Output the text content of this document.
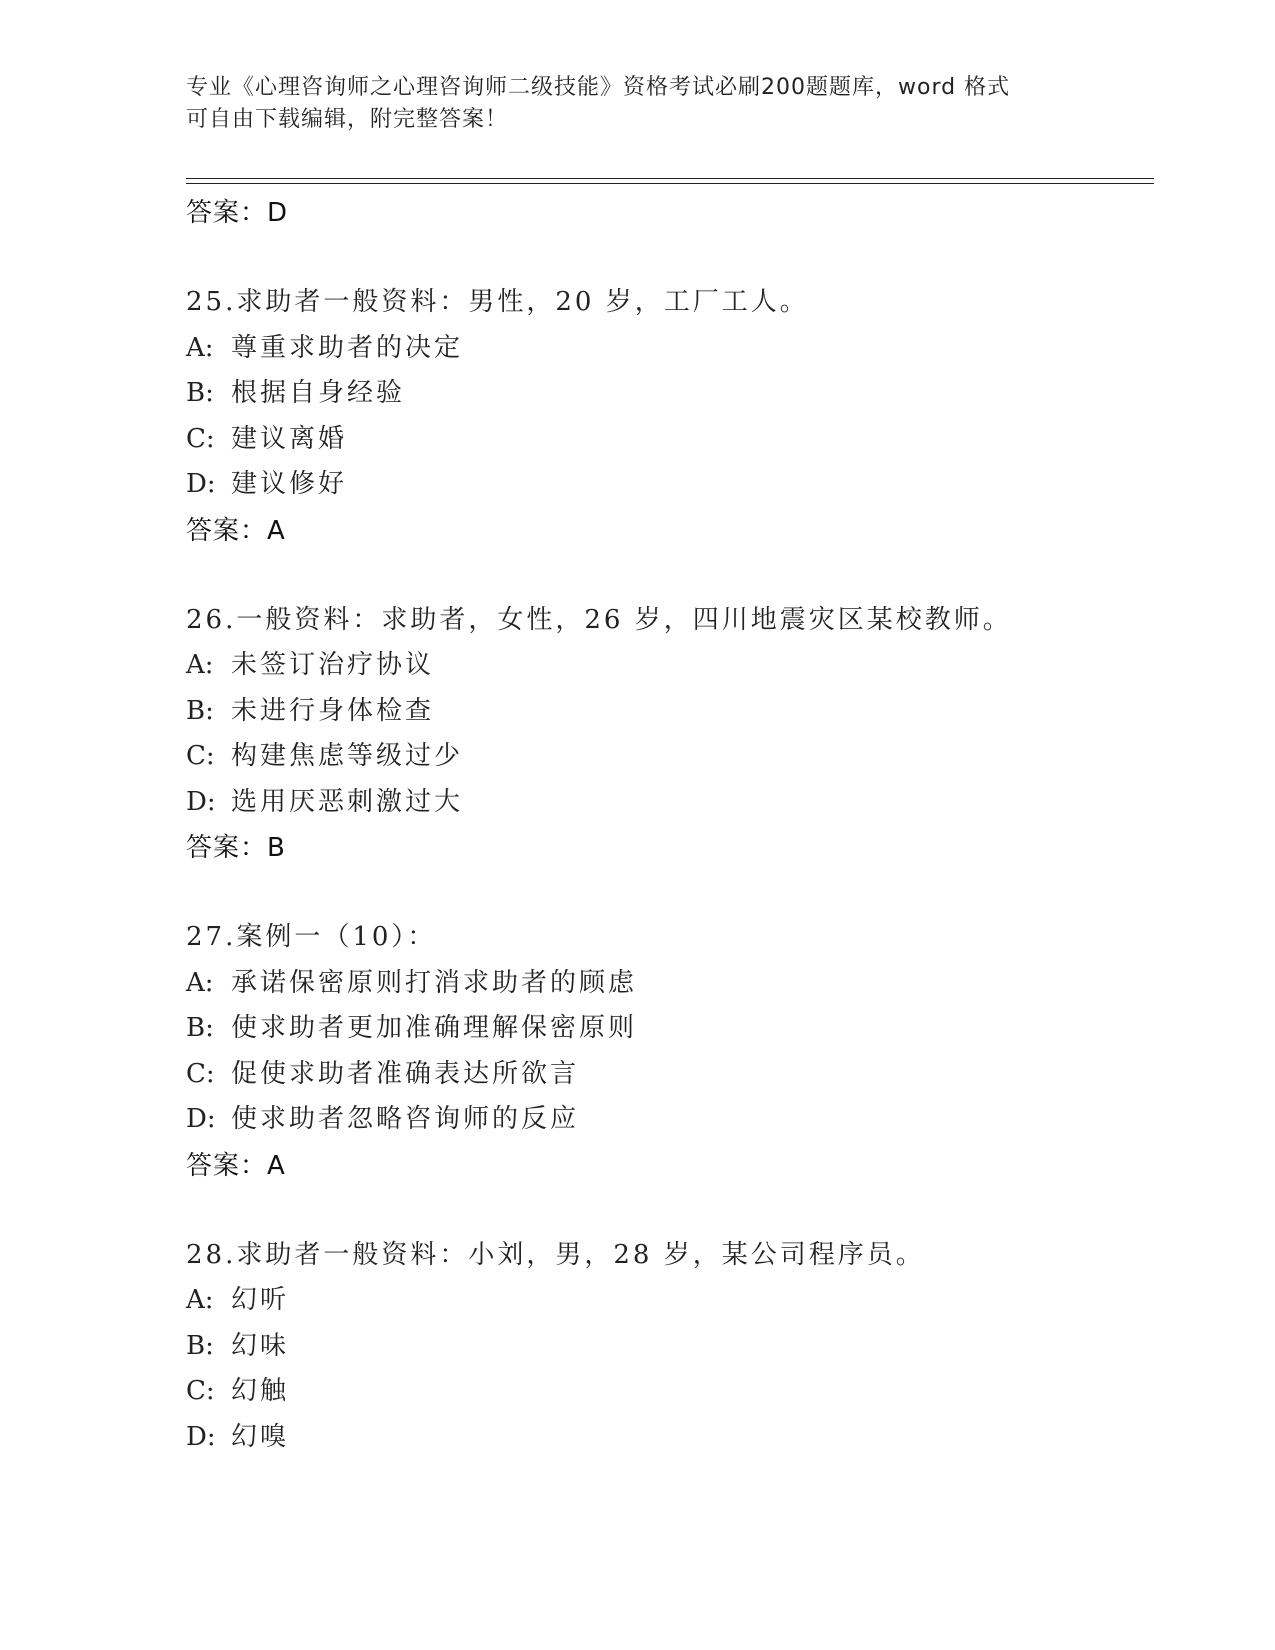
专业《心理咨询师之心理咨询师二级技能》资格考试必刷200题题库，word 格式
可自由下载编辑，附完整答案！
答案：D
25.求助者一般资料：男性，20 岁，工厂工人。
A: 尊重求助者的决定
B: 根据自身经验
C: 建议离婚
D: 建议修好
答案：A
26.一般资料：求助者，女性，26 岁，四川地震灾区某校教师。
A: 未签订治疗协议
B: 未进行身体检查
C: 构建焦虑等级过少
D: 选用厌恶刺激过大
答案：B
27.案例一（10）：
A: 承诺保密原则打消求助者的顾虑
B: 使求助者更加准确理解保密原则
C: 促使求助者准确表达所欲言
D: 使求助者忽略咨询师的反应
答案：A
28.求助者一般资料：小刘，男，28 岁，某公司程序员。
A: 幻听
B: 幻味
C: 幻触
D: 幻嗅
